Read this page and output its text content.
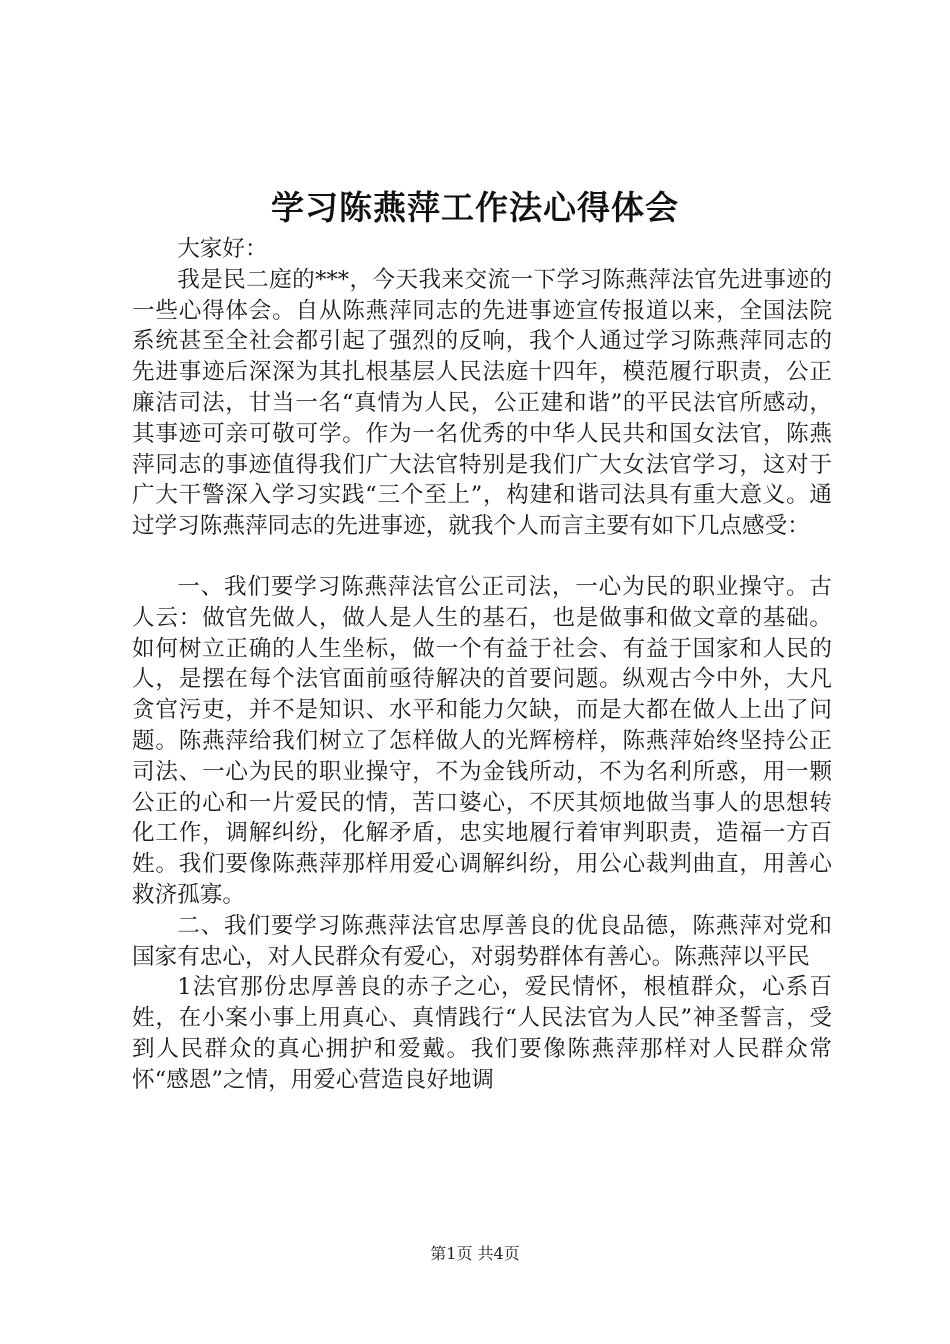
学习陈燕萍工作法心得体会

大家好：

我是民二庭的***，今天我来交流一下学习陈燕萍法官先进事迹的一些心得体会。自从陈燕萍同志的先进事迹宣传报道以来，全国法院系统甚至全社会都引起了强烈的反响，我个人通过学习陈燕萍同志的先进事迹后深深为其扎根基层人民法庭十四年，模范履行职责，公正廉洁司法，甘当一名“真情为人民，公正建和谐”的平民法官所感动，其事迹可亲可敬可学。作为一名优秀的中华人民共和国女法官，陈燕萍同志的事迹值得我们广大法官特别是我们广大女法官学习，这对于广大干警深入学习实践“三个至上”，构建和谐司法具有重大意义。通过学习陈燕萍同志的先进事迹，就我个人而言主要有如下几点感受：

一、我们要学习陈燕萍法官公正司法，一心为民的职业操守。古人云：做官先做人，做人是人生的基石，也是做事和做文章的基础。如何树立正确的人生坐标，做一个有益于社会、有益于国家和人民的人，是摆在每个法官面前亟待解决的首要问题。纵观古今中外，大凡贪官污吏，并不是知识、水平和能力欠缺，而是大都在做人上出了问题。陈燕萍给我们树立了怎样做人的光辉榜样，陈燕萍始终坚持公正司法、一心为民的职业操守，不为金钱所动，不为名利所惑，用一颗公正的心和一片爱民的情，苦口婆心，不厌其烦地做当事人的思想转化工作，调解纠纷，化解矛盾，忠实地履行着审判职责，造福一方百姓。我们要像陈燕萍那样用爱心调解纠纷，用公心裁判曲直，用善心救济孤寡。

二、我们要学习陈燕萍法官忠厚善良的优良品德，陈燕萍对党和国家有忠心，对人民群众有爱心，对弱势群体有善心。陈燕萍以平民

1法官那份忠厚善良的赤子之心，爱民情怀，根植群众，心系百姓，在小案小事上用真心、真情践行“人民法官为人民”神圣誓言，受到人民群众的真心拥护和爱戴。我们要像陈燕萍那样对人民群众常怀“感恩”之情，用爱心营造良好地调

第1页 共4页
